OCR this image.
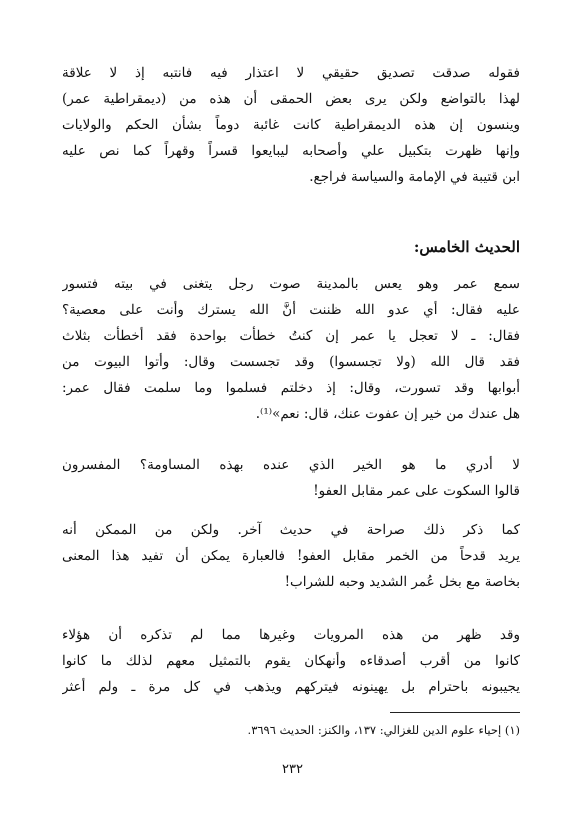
فقوله صدقت تصديق حقيقي لا اعتذار فيه فانتبه إذ لا علاقة
لهذا بالتواضع ولكن يرى بعض الحمقى أن هذه من (ديمقراطية عمر)
وينسون إن هذه الديمقراطية كانت غائبة دوماً بشأن الحكم والولايات
وإنها ظهرت بتكبيل علي وأصحابه ليبايعوا قسراً وقهراً كما نص عليه
ابن قتيبة في الإمامة والسياسة فراجع.
الحديث الخامس:
سمع عمر وهو يعس بالمدينة صوت رجل يتغنى في بيته فتسور
عليه فقال: أي عدو الله ظننت أنَّ الله يسترك وأنت على معصية؟
فقال: ـ لا تعجل يا عمر إن كنتُ خطأت بواحدة فقد أخطأت بثلاث
فقد قال الله (ولا تجسسوا) وقد تجسست وقال: وأتوا البيوت من
أبوابها وقد تسورت، وقال: إذ دخلتم فسلموا وما سلمت فقال عمر:
هل عندك من خير إن عفوت عنك، قال: نعم»⁽¹⁾.
لا أدري ما هو الخير الذي عنده بهذه المساومة؟ المفسرون
قالوا السكوت على عمر مقابل العفو!
كما ذكر ذلك صراحة في حديث آخر. ولكن من الممكن أنه
يريد قدحاً من الخمر مقابل العفو! فالعبارة يمكن أن تفيد هذا المعنى
بخاصة مع بخل عُمر الشديد وحبه للشراب!
وقد ظهر من هذه المرويات وغيرها مما لم تذكره أن هؤلاء
كانوا من أقرب أصدقاءه وأنهكان يقوم بالتمثيل معهم لذلك ما كانوا
يجيبونه باحترام بل يهينونه فيتركهم ويذهب في كل مرة ـ ولم أعثر
(١) إحياء علوم الدين للغزالي: ١٣٧، والكنز: الحديث ٣٦٩٦.
٢٣٢
